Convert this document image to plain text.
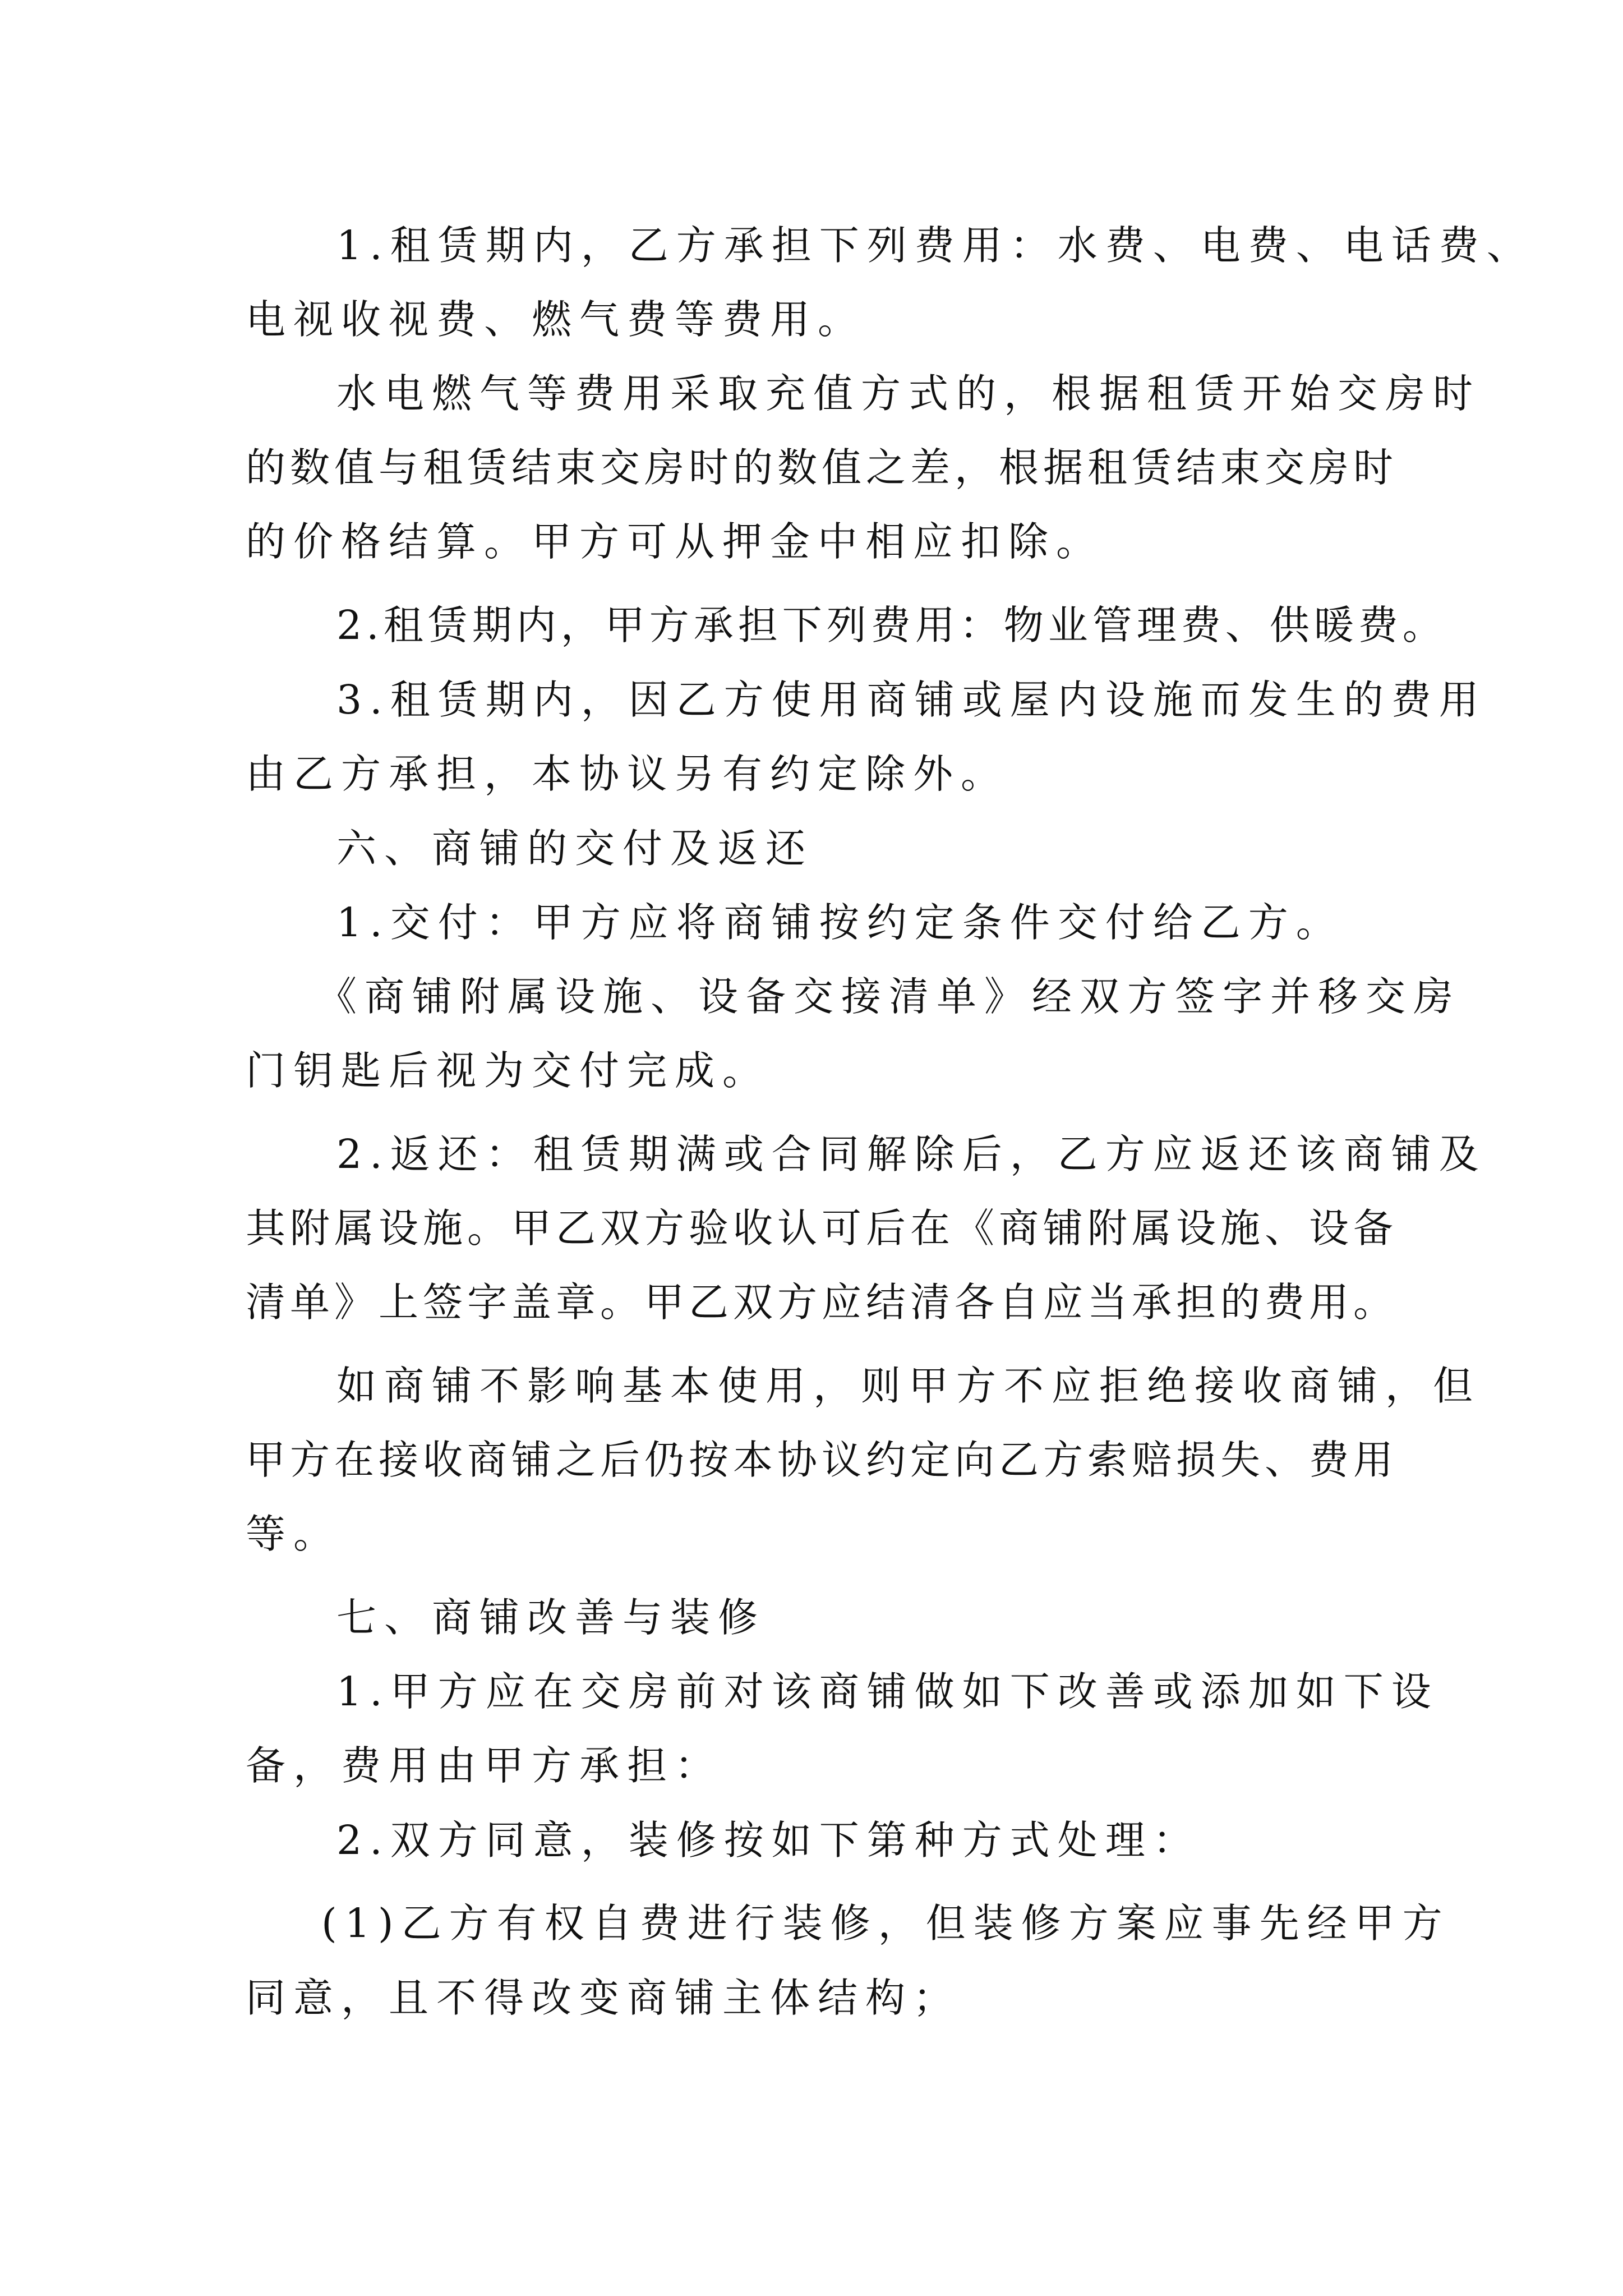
1.租赁期内，乙方承担下列费用：水费、电费、电话费、
电视收视费、燃气费等费用。
水电燃气等费用采取充值方式的，根据租赁开始交房时
的数值与租赁结束交房时的数值之差，根据租赁结束交房时
的价格结算。甲方可从押金中相应扣除。
2.租赁期内，甲方承担下列费用：物业管理费、供暖费。
3.租赁期内，因乙方使用商铺或屋内设施而发生的费用
由乙方承担，本协议另有约定除外。
六、商铺的交付及返还
1.交付：甲方应将商铺按约定条件交付给乙方。
《商铺附属设施、设备交接清单》经双方签字并移交房
门钥匙后视为交付完成。
2.返还：租赁期满或合同解除后，乙方应返还该商铺及
其附属设施。甲乙双方验收认可后在《商铺附属设施、设备
清单》上签字盖章。甲乙双方应结清各自应当承担的费用。
如商铺不影响基本使用，则甲方不应拒绝接收商铺，但
甲方在接收商铺之后仍按本协议约定向乙方索赔损失、费用
等。
七、商铺改善与装修
1.甲方应在交房前对该商铺做如下改善或添加如下设
备，费用由甲方承担：
2.双方同意，装修按如下第种方式处理：
(1)乙方有权自费进行装修，但装修方案应事先经甲方
同意，且不得改变商铺主体结构；
